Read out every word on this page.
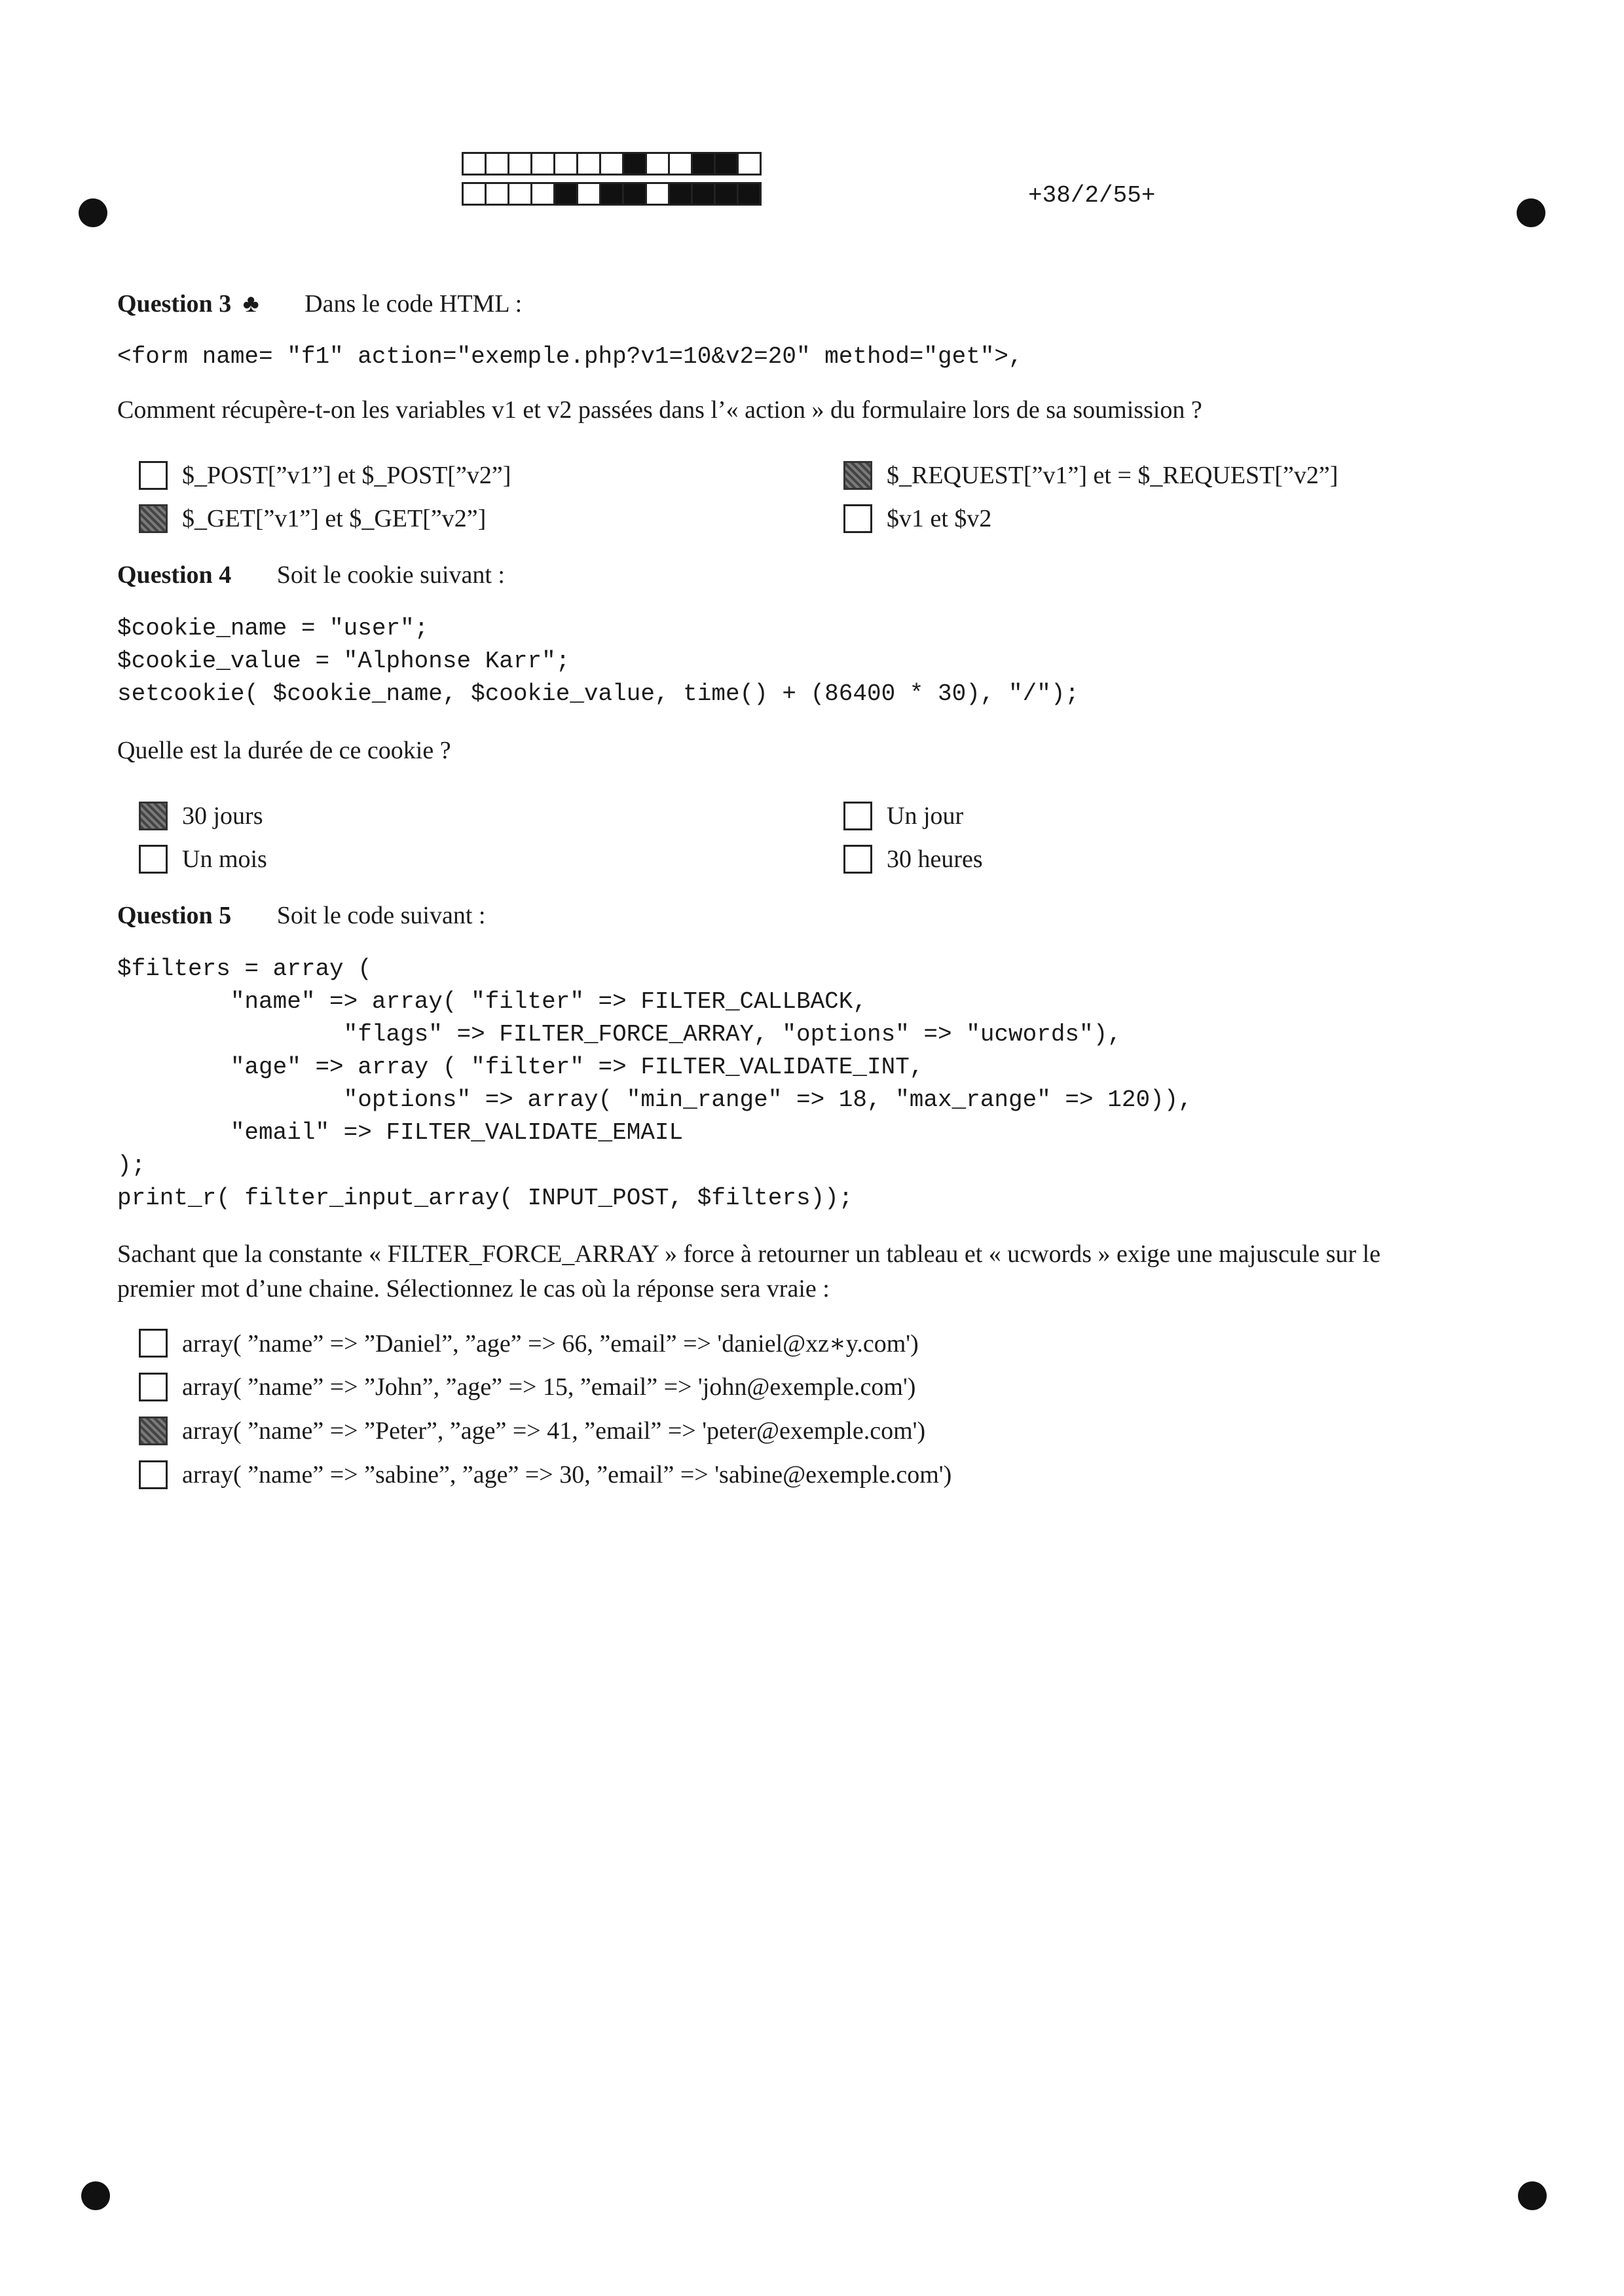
+38/2/55+
Question 3 ♣ Dans le code HTML :
<form name= "f1" action="exemple.php?v1=10&v2=20" method="get">,
Comment récupère-t-on les variables v1 et v2 passées dans l’« action » du formulaire lors de sa soumission ?
$_POST[”v1”] et $_POST[”v2”]
$_GET[”v1”] et $_GET[”v2”]
$_REQUEST[”v1”] et = $_REQUEST[”v2”]
$v1 et $v2
Question 4 Soit le cookie suivant :
$cookie_name = "user";
$cookie_value = "Alphonse Karr";
setcookie( $cookie_name, $cookie_value, time() + (86400 * 30), "/");
Quelle est la durée de ce cookie ?
30 jours
Un mois
Un jour
30 heures
Question 5 Soit le code suivant :
$filters = array (
"name" => array( "filter" => FILTER_CALLBACK,
"flags" => FILTER_FORCE_ARRAY, "options" => "ucwords"),
"age" => array ( "filter" => FILTER_VALIDATE_INT,
"options" => array( "min_range" => 18, "max_range" => 120)),
"email" => FILTER_VALIDATE_EMAIL
);
print_r( filter_input_array( INPUT_POST, $filters));
Sachant que la constante « FILTER_FORCE_ARRAY » force à retourner un tableau et « ucwords » exige une majuscule sur le
premier mot d’une chaine. Sélectionnez le cas où la réponse sera vraie :
array( ”name” => ”Daniel”, ”age” => 66, ”email” => 'daniel@xz∗y.com')
array( ”name” => ”John”, ”age” => 15, ”email” => 'john@exemple.com')
array( ”name” => ”Peter”, ”age” => 41, ”email” => 'peter@exemple.com')
array( ”name” => ”sabine”, ”age” => 30, ”email” => 'sabine@exemple.com')
